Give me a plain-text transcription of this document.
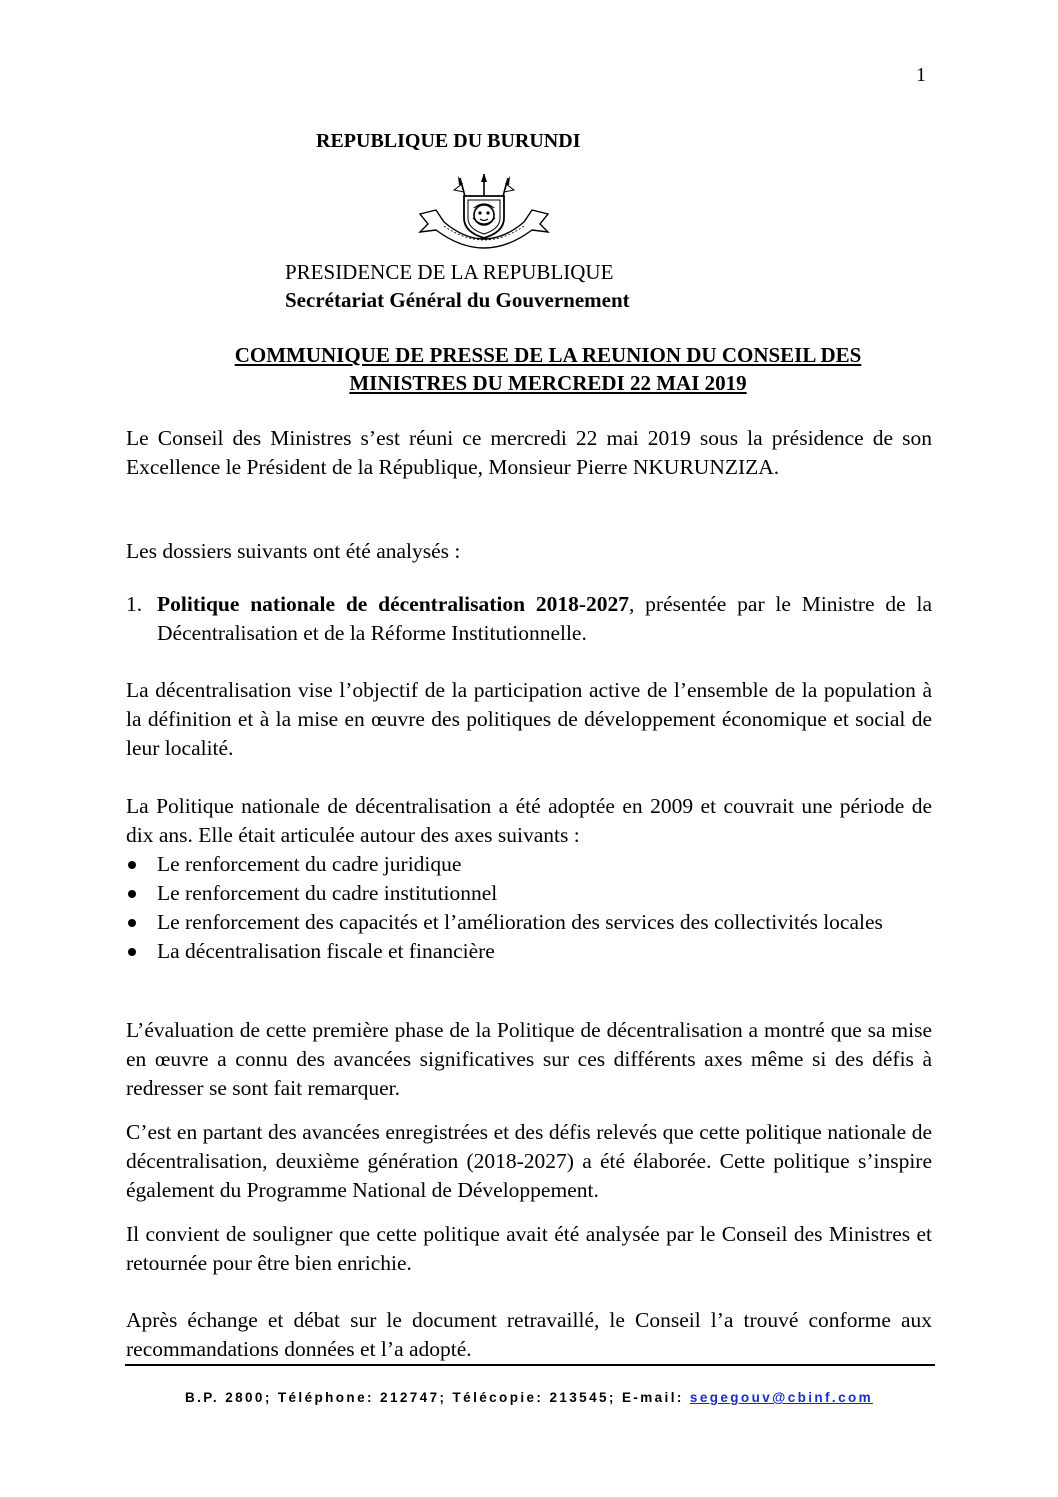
1
REPUBLIQUE DU BURUNDI
PRESIDENCE DE LA REPUBLIQUE
Secrétariat Général du Gouvernement
COMMUNIQUE DE PRESSE DE LA REUNION DU CONSEIL DES
MINISTRES DU MERCREDI 22 MAI 2019
Le Conseil des Ministres s’est réuni ce mercredi 22 mai 2019 sous la présidence de son Excellence le Président de la République, Monsieur Pierre NKURUNZIZA.
Les dossiers suivants ont été analysés :
1. Politique nationale de décentralisation 2018-2027, présentée par le Ministre de la Décentralisation et de la Réforme Institutionnelle.
La décentralisation vise l’objectif de la participation active de l’ensemble de la population à la définition et à la mise en œuvre des politiques de développement économique et social de leur localité.
La Politique nationale de décentralisation a été adoptée en 2009 et couvrait une période de dix ans. Elle était articulée autour des axes suivants :
Le renforcement du cadre juridique
Le renforcement du cadre institutionnel
Le renforcement des capacités et l’amélioration des services des collectivités locales
La décentralisation fiscale et financière
L’évaluation de cette première phase de la Politique de décentralisation a montré que sa mise en œuvre a connu des avancées significatives sur ces différents axes même si des défis à redresser se sont fait remarquer.
C’est en partant des avancées enregistrées et des défis relevés que cette politique nationale de décentralisation, deuxième génération (2018-2027) a été élaborée. Cette politique s’inspire également du Programme National de Développement.
Il convient de souligner que cette politique avait été analysée par le Conseil des Ministres et retournée pour être bien enrichie.
Après échange et débat sur le document retravaillé, le Conseil l’a trouvé conforme aux recommandations données et l’a adopté.
B.P. 2800; Téléphone: 212747; Télécopie: 213545; E-mail: segegouv@cbinf.com
